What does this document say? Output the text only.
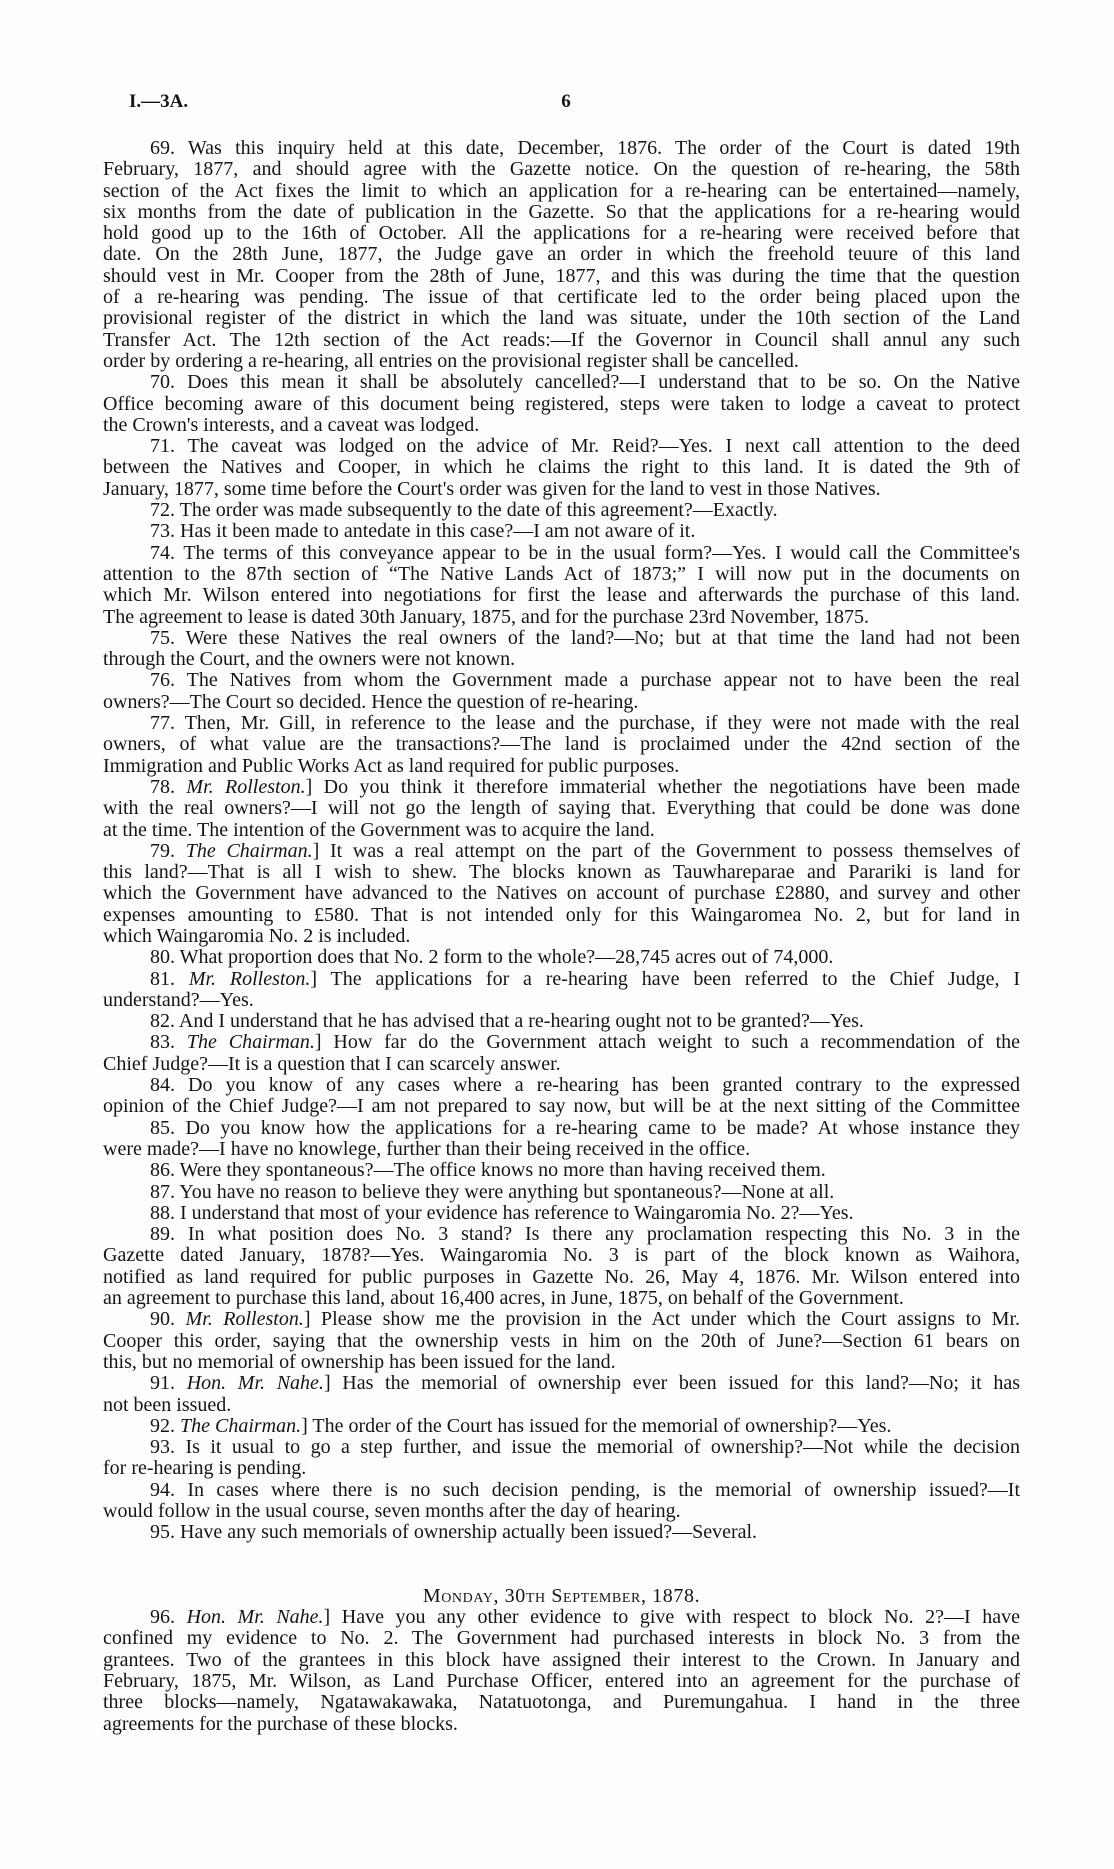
I.—3A.	6
69. Was this inquiry held at this date, December, 1876. The order of the Court is dated 19th
February, 1877, and should agree with the Gazette notice. On the question of re-hearing, the 58th
section of the Act fixes the limit to which an application for a re-hearing can be entertained—namely,
six months from the date of publication in the Gazette. So that the applications for a re-hearing would
hold good up to the 16th of October. All the applications for a re-hearing were received before that
date. On the 28th June, 1877, the Judge gave an order in which the freehold teuure of this land
should vest in Mr. Cooper from the 28th of June, 1877, and this was during the time that the question
of a re-hearing was pending. The issue of that certificate led to the order being placed upon the
provisional register of the district in which the land was situate, under the 10th section of the Land
Transfer Act. The 12th section of the Act reads:—If the Governor in Council shall annul any such
order by ordering a re-hearing, all entries on the provisional register shall be cancelled.
70. Does this mean it shall be absolutely cancelled?—I understand that to be so. On the Native
Office becoming aware of this document being registered, steps were taken to lodge a caveat to protect
the Crown's interests, and a caveat was lodged.
71. The caveat was lodged on the advice of Mr. Reid?—Yes. I next call attention to the deed
between the Natives and Cooper, in which he claims the right to this land. It is dated the 9th of
January, 1877, some time before the Court's order was given for the land to vest in those Natives.
72. The order was made subsequently to the date of this agreement?—Exactly.
73. Has it been made to antedate in this case?—I am not aware of it.
74. The terms of this conveyance appear to be in the usual form?—Yes. I would call the Committee's
attention to the 87th section of “The Native Lands Act of 1873;” I will now put in the documents on
which Mr. Wilson entered into negotiations for first the lease and afterwards the purchase of this land.
The agreement to lease is dated 30th January, 1875, and for the purchase 23rd November, 1875.
75. Were these Natives the real owners of the land?—No; but at that time the land had not been
through the Court, and the owners were not known.
76. The Natives from whom the Government made a purchase appear not to have been the real
owners?—The Court so decided. Hence the question of re-hearing.
77. Then, Mr. Gill, in reference to the lease and the purchase, if they were not made with the real
owners, of what value are the transactions?—The land is proclaimed under the 42nd section of the
Immigration and Public Works Act as land required for public purposes.
78. Mr. Rolleston.] Do you think it therefore immaterial whether the negotiations have been made
with the real owners?—I will not go the length of saying that. Everything that could be done was done
at the time. The intention of the Government was to acquire the land.
79. The Chairman.] It was a real attempt on the part of the Government to possess themselves of
this land?—That is all I wish to shew. The blocks known as Tauwhareparae and Parariki is land for
which the Government have advanced to the Natives on account of purchase £2880, and survey and other
expenses amounting to £580. That is not intended only for this Waingaromea No. 2, but for land in
which Waingaromia No. 2 is included.
80. What proportion does that No. 2 form to the whole?—28,745 acres out of 74,000.
81. Mr. Rolleston.] The applications for a re-hearing have been referred to the Chief Judge, I
understand?—Yes.
82. And I understand that he has advised that a re-hearing ought not to be granted?—Yes.
83. The Chairman.] How far do the Government attach weight to such a recommendation of the
Chief Judge?—It is a question that I can scarcely answer.
84. Do you know of any cases where a re-hearing has been granted contrary to the expressed
opinion of the Chief Judge?—I am not prepared to say now, but will be at the next sitting of the Committee
85. Do you know how the applications for a re-hearing came to be made? At whose instance they
were made?—I have no knowlege, further than their being received in the office.
86. Were they spontaneous?—The office knows no more than having received them.
87. You have no reason to believe they were anything but spontaneous?—None at all.
88. I understand that most of your evidence has reference to Waingaromia No. 2?—Yes.
89. In what position does No. 3 stand? Is there any proclamation respecting this No. 3 in the
Gazette dated January, 1878?—Yes. Waingaromia No. 3 is part of the block known as Waihora,
notified as land required for public purposes in Gazette No. 26, May 4, 1876. Mr. Wilson entered into
an agreement to purchase this land, about 16,400 acres, in June, 1875, on behalf of the Government.
90. Mr. Rolleston.] Please show me the provision in the Act under which the Court assigns to Mr.
Cooper this order, saying that the ownership vests in him on the 20th of June?—Section 61 bears on
this, but no memorial of ownership has been issued for the land.
91. Hon. Mr. Nahe.] Has the memorial of ownership ever been issued for this land?—No; it has
not been issued.
92. The Chairman.] The order of the Court has issued for the memorial of ownership?—Yes.
93. Is it usual to go a step further, and issue the memorial of ownership?—Not while the decision
for re-hearing is pending.
94. In cases where there is no such decision pending, is the memorial of ownership issued?—It
would follow in the usual course, seven months after the day of hearing.
95. Have any such memorials of ownership actually been issued?—Several.
Monday, 30th September, 1878.
96. Hon. Mr. Nahe.] Have you any other evidence to give with respect to block No. 2?—I have
confined my evidence to No. 2. The Government had purchased interests in block No. 3 from the
grantees. Two of the grantees in this block have assigned their interest to the Crown. In January and
February, 1875, Mr. Wilson, as Land Purchase Officer, entered into an agreement for the purchase of
three blocks—namely, Ngatawakawaka, Natatuotonga, and Puremungahua. I hand in the three
agreements for the purchase of these blocks.
